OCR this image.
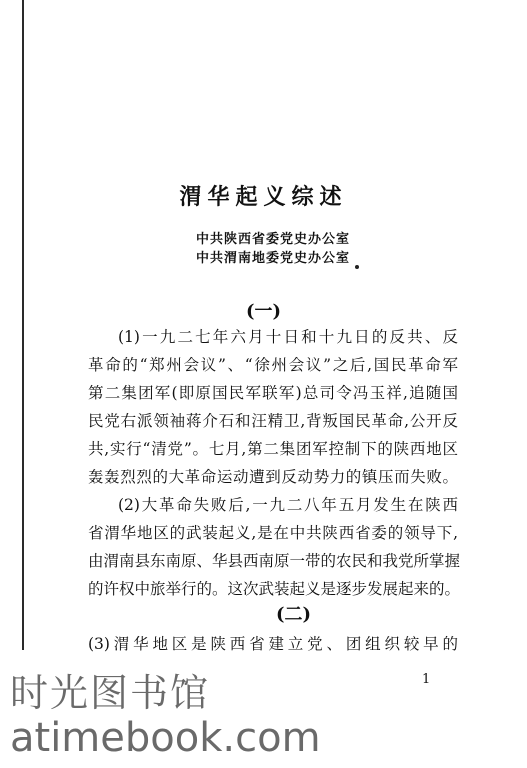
渭华起义综述
中共陕西省委党史办公室
中共渭南地委党史办公室
(一)
(1)一九二七年六月十日和十九日的反共、反
革命的“郑州会议”、“徐州会议”之后,国民革命军
第二集团军(即原国民军联军)总司令冯玉祥,追随国
民党右派领袖蒋介石和汪精卫,背叛国民革命,公开反
共,实行“清党”。七月,第二集团军控制下的陕西地区
轰轰烈烈的大革命运动遭到反动势力的镇压而失败。
(2)大革命失败后,一九二八年五月发生在陕西
省渭华地区的武装起义,是在中共陕西省委的领导下,
由渭南县东南原、华县西南原一带的农民和我党所掌握
的许权中旅举行的。这次武装起义是逐步发展起来的。
(二)
(3)渭华地区是陕西省建立党、团组织较早的
1
时光图书馆
atimebook.com
